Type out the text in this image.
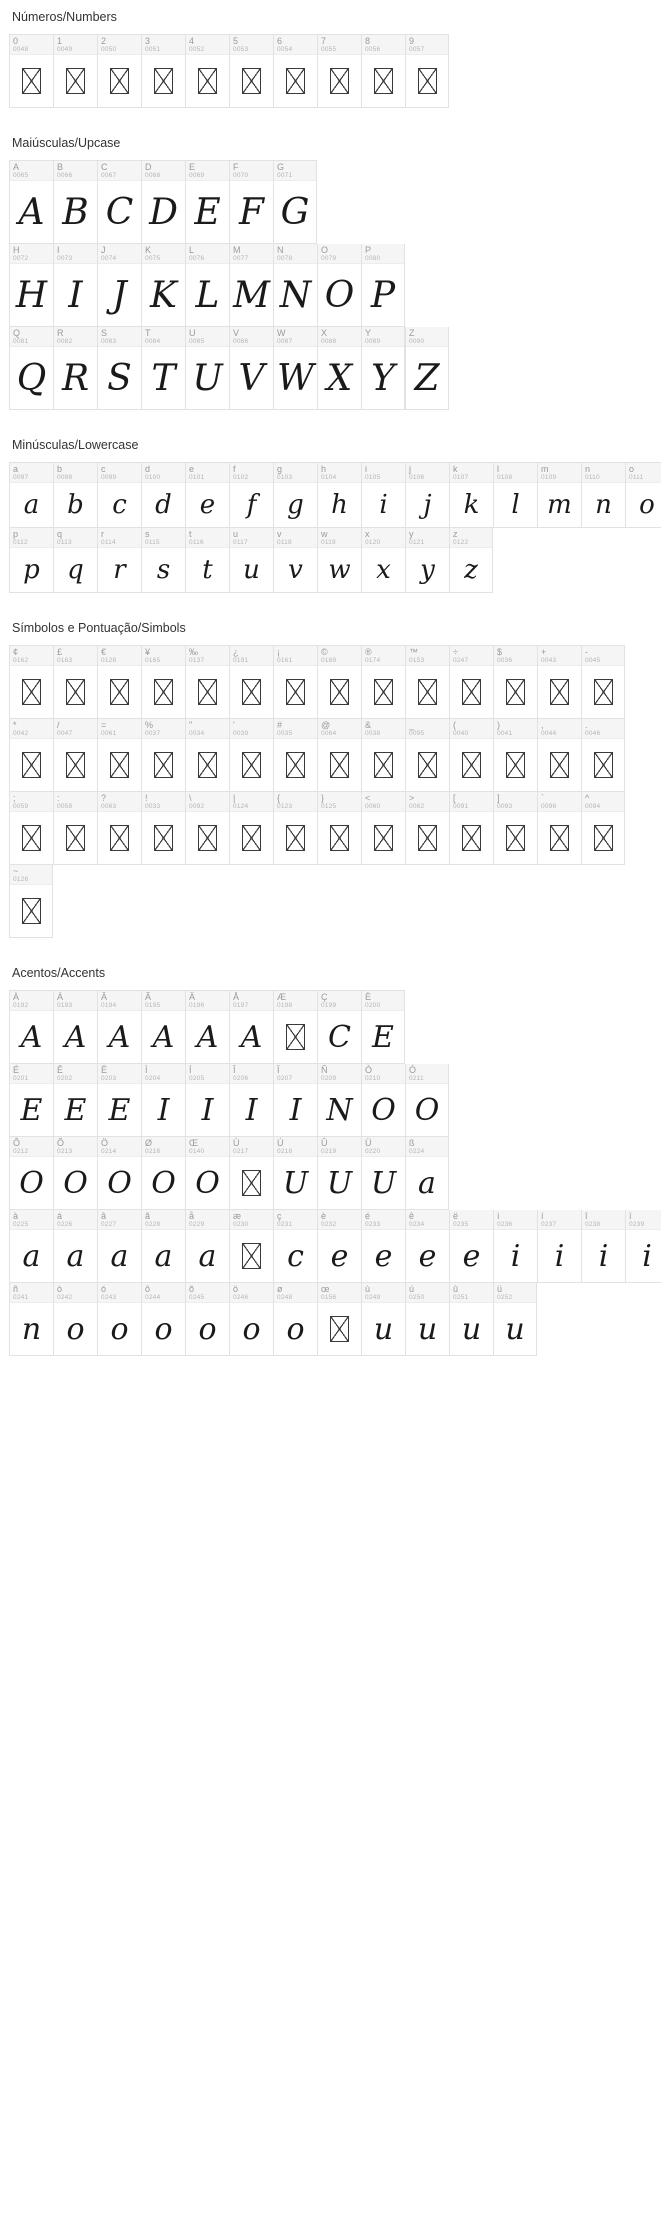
Números/Numbers
0
0048
1
0049
2
0050
3
0051
4
0052
5
0053
6
0054
7
0055
8
0056
9
0057
Maiúsculas/Upcase
A
0065
A
B
0066
B
C
0067
C
D
0068
D
E
0069
E
F
0070
F
G
0071
G
H
0072
H
I
0073
I
J
0074
J
K
0075
K
L
0076
L
M
0077
M
N
0078
N
O
0079
O
P
0080
P
Q
0081
Q
R
0082
R
S
0083
S
T
0084
T
U
0085
U
V
0086
V
W
0087
W
X
0088
X
Y
0089
Y
Z
0090
Z
Minúsculas/Lowercase
a
0097
a
b
0098
b
c
0099
c
d
0100
d
e
0101
e
f
0102
f
g
0103
g
h
0104
h
i
0105
i
j
0106
j
k
0107
k
l
0108
l
m
0109
m
n
0110
n
o
0111
o
p
0112
p
q
0113
q
r
0114
r
s
0115
s
t
0116
t
u
0117
u
v
0118
v
w
0119
w
x
0120
x
y
0121
y
z
0122
z
Símbolos e Pontuação/Simbols
¢
0162
£
0163
€
0128
¥
0165
‰
0137
¿
0191
¡
0161
©
0169
®
0174
™
0153
÷
0247
$
0036
+
0043
-
0045
*
0042
/
0047
=
0061
%
0037
"
0034
'
0039
#
0035
@
0064
&
0038
_
0095
(
0040
)
0041
,
0044
.
0046
;
0059
:
0058
?
0063
!
0033
\
0092
|
0124
{
0123
}
0125
<
0060
>
0062
[
0091
]
0093
`
0096
^
0094
~
0126
Acentos/Accents
À
0192
A
Á
0193
A
Â
0194
A
Ã
0195
A
Ä
0196
A
Å
0197
A
Æ
0198
Ç
0199
C
È
0200
E
É
0201
E
Ê
0202
E
Ë
0203
E
Ì
0204
I
Í
0205
I
Î
0206
I
Ï
0207
I
Ñ
0209
N
Ò
0210
O
Ó
0211
O
Ô
0212
O
Õ
0213
O
Ö
0214
O
Ø
0216
O
Œ
0140
O
Ù
0217
Ú
0218
U
Û
0219
U
Ü
0220
U
ß
0224
a
à
0225
a
á
0226
a
â
0227
a
ã
0228
a
å
0229
a
æ
0230
ç
0231
c
è
0232
e
é
0233
e
ê
0234
e
ë
0235
e
ì
0236
i
í
0237
i
î
0238
i
ï
0239
i
ñ
0241
n
ò
0242
o
ó
0243
o
ô
0244
o
õ
0245
o
ö
0246
o
ø
0248
o
œ
0156
ù
0249
u
ú
0250
u
û
0251
u
ü
0252
u
